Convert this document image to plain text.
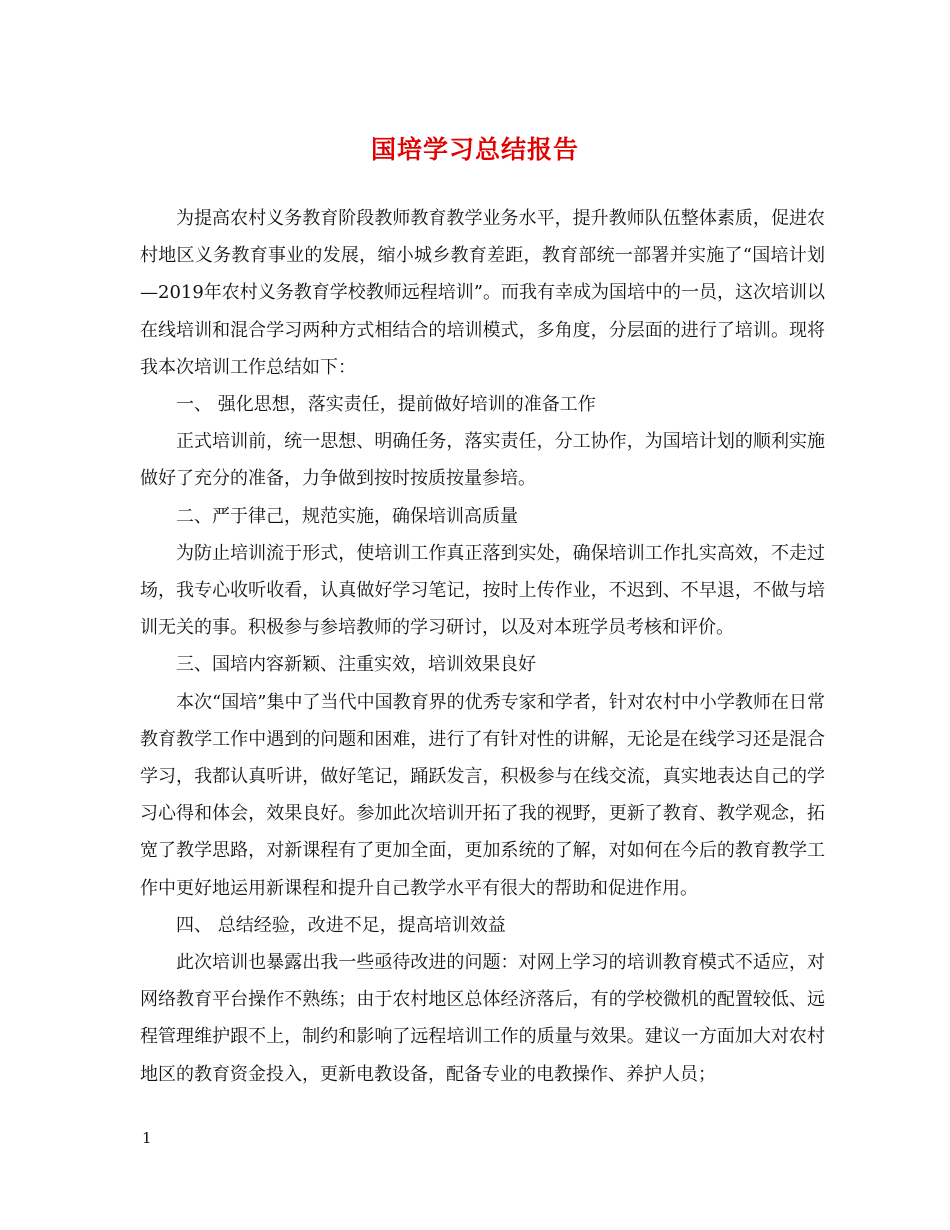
国培学习总结报告

为提高农村义务教育阶段教师教育教学业务水平，提升教师队伍整体素质，促进农村地区义务教育事业的发展，缩小城乡教育差距，教育部统一部署并实施了“国培计划—2019年农村义务教育学校教师远程培训”。而我有幸成为国培中的一员，这次培训以在线培训和混合学习两种方式相结合的培训模式，多角度，分层面的进行了培训。现将我本次培训工作总结如下：

一、 强化思想，落实责任，提前做好培训的准备工作

正式培训前，统一思想、明确任务，落实责任，分工协作，为国培计划的顺利实施做好了充分的准备，力争做到按时按质按量参培。

二、严于律己，规范实施，确保培训高质量

为防止培训流于形式，使培训工作真正落到实处，确保培训工作扎实高效，不走过场，我专心收听收看，认真做好学习笔记，按时上传作业，不迟到、不早退，不做与培训无关的事。积极参与参培教师的学习研讨，以及对本班学员考核和评价。

三、国培内容新颖、注重实效，培训效果良好

本次“国培”集中了当代中国教育界的优秀专家和学者，针对农村中小学教师在日常教育教学工作中遇到的问题和困难，进行了有针对性的讲解，无论是在线学习还是混合学习，我都认真听讲，做好笔记，踊跃发言，积极参与在线交流，真实地表达自己的学习心得和体会，效果良好。参加此次培训开拓了我的视野，更新了教育、教学观念，拓宽了教学思路，对新课程有了更加全面，更加系统的了解，对如何在今后的教育教学工作中更好地运用新课程和提升自己教学水平有很大的帮助和促进作用。

四、 总结经验，改进不足，提高培训效益

此次培训也暴露出我一些亟待改进的问题：对网上学习的培训教育模式不适应，对网络教育平台操作不熟练；由于农村地区总体经济落后，有的学校微机的配置较低、远程管理维护跟不上，制约和影响了远程培训工作的质量与效果。建议一方面加大对农村地区的教育资金投入，更新电教设备，配备专业的电教操作、养护人员；

1
